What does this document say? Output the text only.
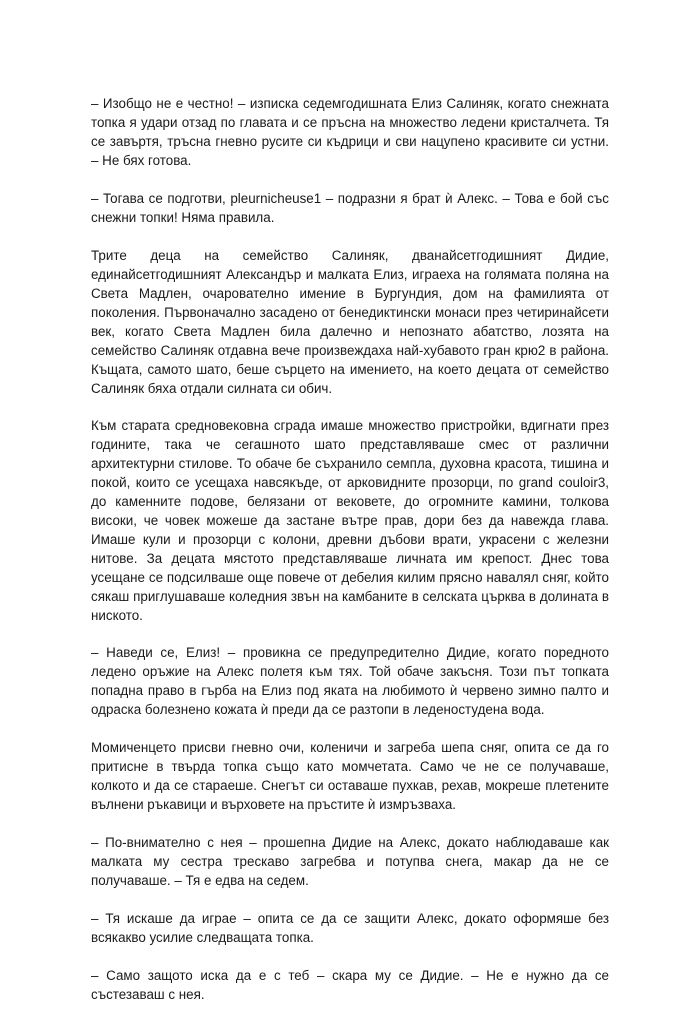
– Изобщо не е честно! – изписка седемгодишната Елиз Салиняк, когато снежната топка я удари отзад по главата и се пръсна на множество ледени кристалчета. Тя се завъртя, тръсна гневно русите си къдрици и сви нацупено красивите си устни. – Не бях готова.

– Тогава се подготви, pleurnicheuse1 – подразни я брат ѝ Алекс. – Това е бой със снежни топки! Няма правила.

Трите деца на семейство Салиняк, дванайсетгодишният Дидие, единайсетгодишният Александър и малката Елиз, играеха на голямата поляна на Света Мадлен, очарователно имение в Бургундия, дом на фамилията от поколения. Първоначално засадено от бенедиктински монаси през четиринайсети век, когато Света Мадлен била далечно и непознато абатство, лозята на семейство Салиняк отдавна вече произвеждаха най-хубавото гран крю2 в района. Къщата, самото шато, беше сърцето на имението, на което децата от семейство Салиняк бяха отдали силната си обич.

Към старата средновековна сграда имаше множество пристройки, вдигнати през годините, така че сегашното шато представляваше смес от различни архитектурни стилове. То обаче бе съхранило семпла, духовна красота, тишина и покой, които се усещаха навсякъде, от арковидните прозорци, по grand couloir3, до каменните подове, белязани от вековете, до огромните камини, толкова високи, че човек можеше да застане вътре прав, дори без да навежда глава. Имаше кули и прозорци с колони, древни дъбови врати, украсени с железни нитове. За децата мястото представляваше личната им крепост. Днес това усещане се подсилваше още повече от дебелия килим прясно навалял сняг, който сякаш приглушаваше коледния звън на камбаните в селската църква в долината в ниското.

– Наведи се, Елиз! – провикна се предупредително Дидие, когато поредното ледено оръжие на Алекс полетя към тях. Той обаче закъсня. Този път топката попадна право в гърба на Елиз под яката на любимото ѝ червено зимно палто и одраска болезнено кожата ѝ преди да се разтопи в леденостудена вода.

Момиченцето присви гневно очи, коленичи и загреба шепа сняг, опита се да го притисне в твърда топка също като момчетата. Само че не се получаваше, колкото и да се стараеше. Снегът си оставаше пухкав, рехав, мокреше плетените вълнени ръкавици и върховете на пръстите ѝ измръзваха.

– По-внимателно с нея – прошепна Дидие на Алекс, докато наблюдаваше как малката му сестра трескаво загребва и потупва снега, макар да не се получаваше. – Тя е едва на седем.

– Тя искаше да играе – опита се да се защити Алекс, докато оформяше без всякакво усилие следващата топка.

– Само защото иска да е с теб – скара му се Дидие. – Не е нужно да се състезаваш с нея.
